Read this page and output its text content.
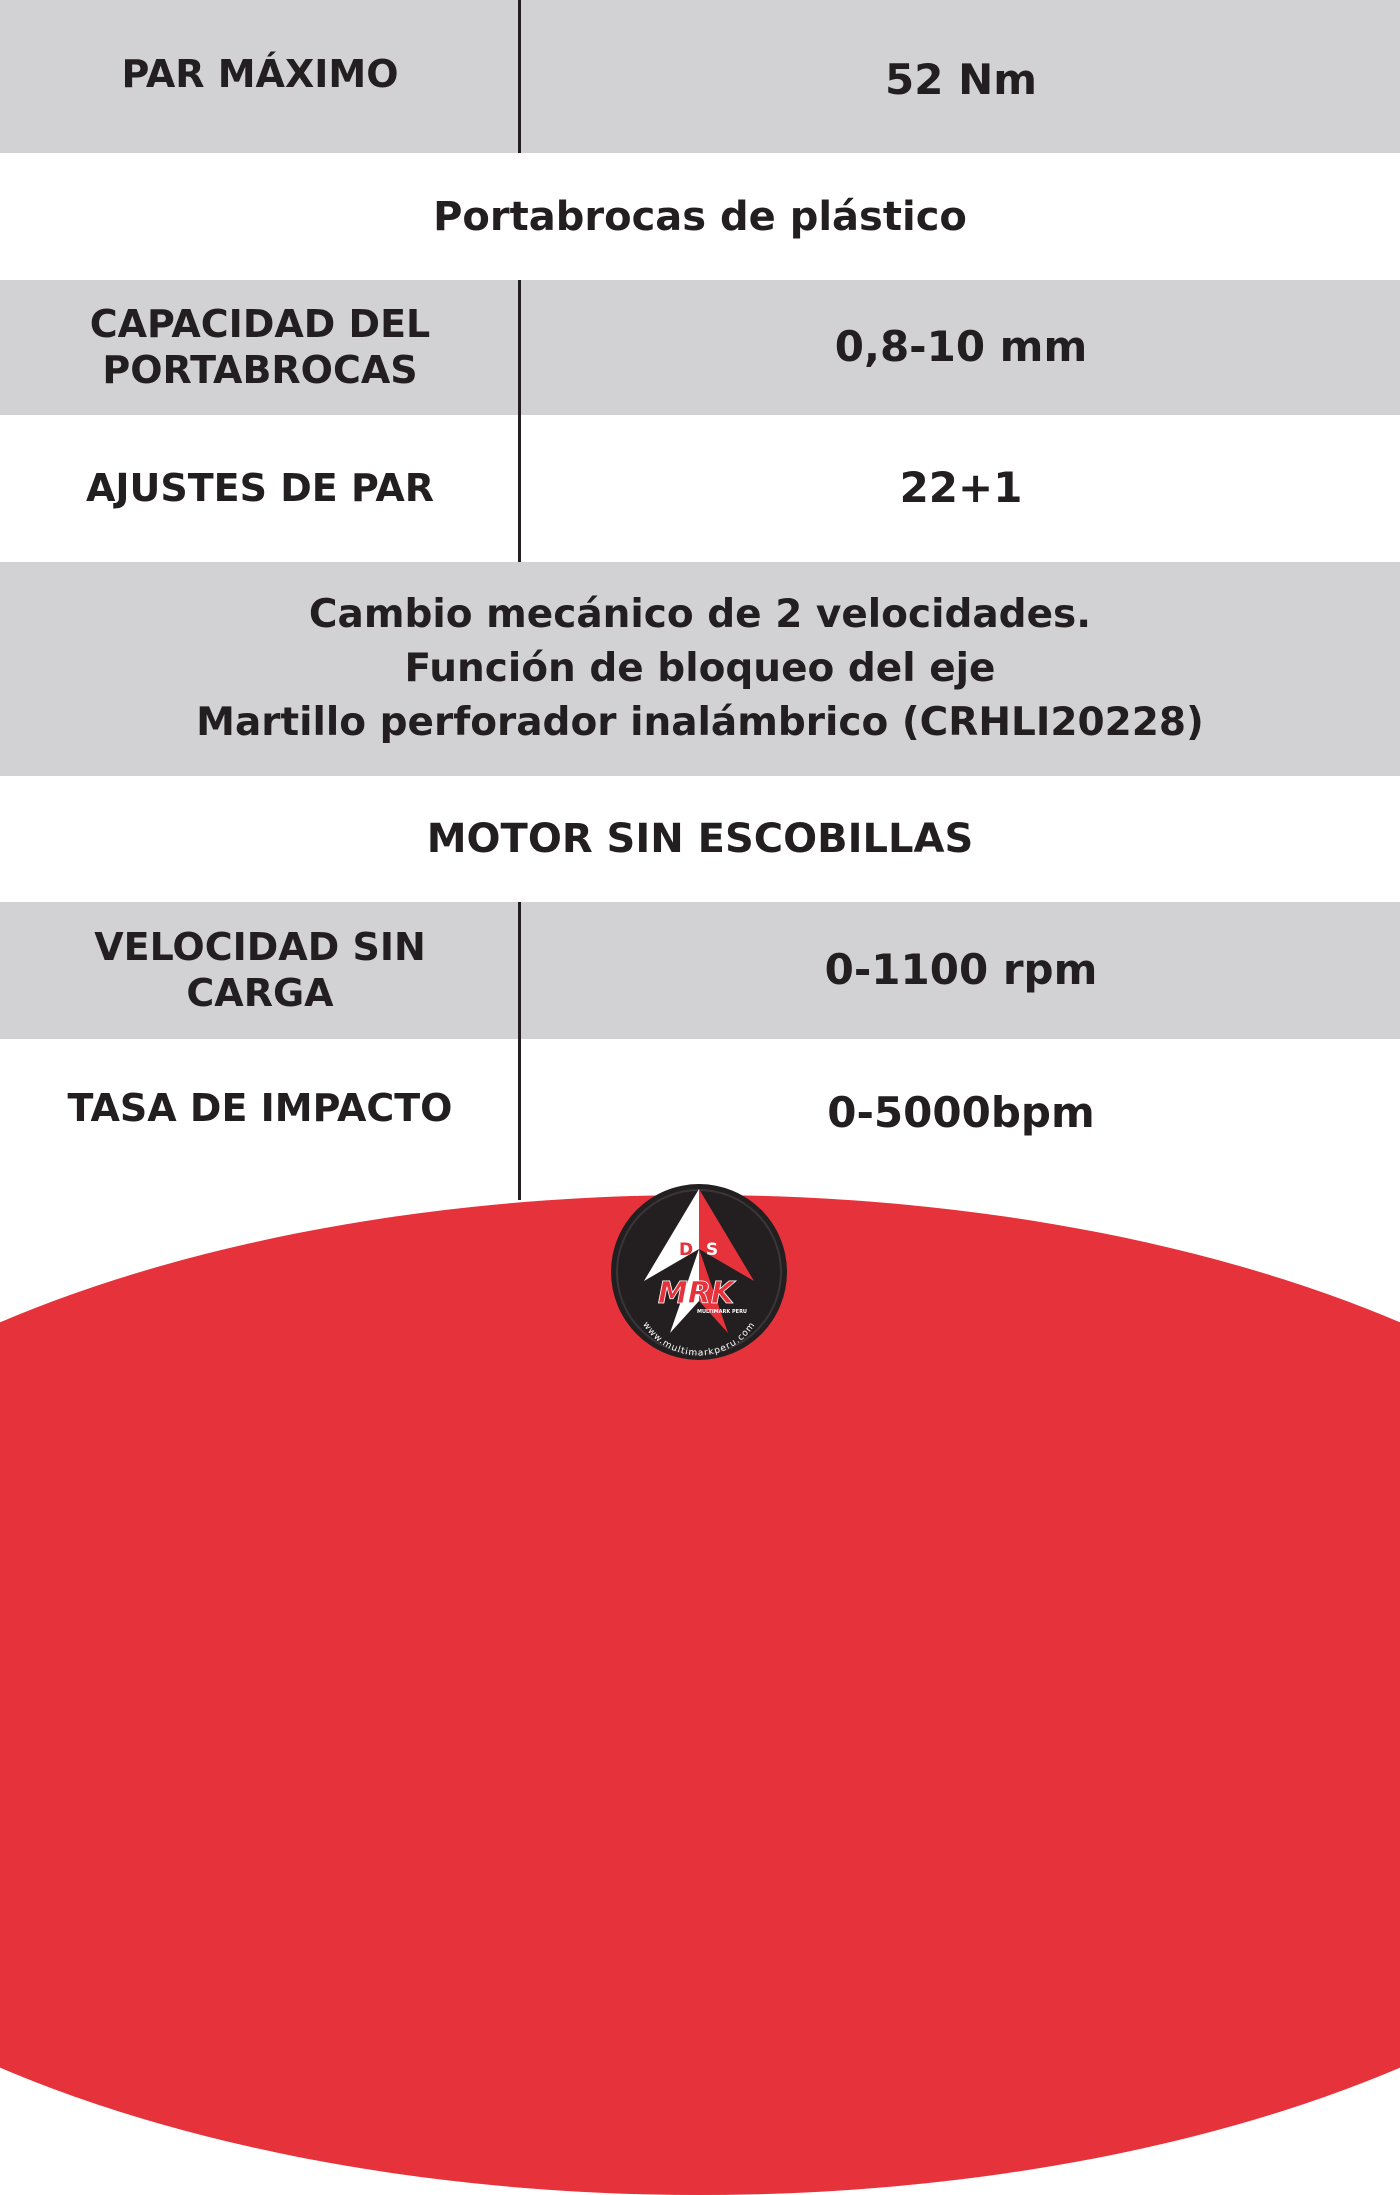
PAR MÁXIMO	52 Nm
Portabrocas de plástico
CAPACIDAD DEL
PORTABROCAS	0,8-10 mm
AJUSTES DE PAR	22+1
Cambio mecánico de 2 velocidades.
Función de bloqueo del eje
Martillo perforador inalámbrico (CRHLI20228)
MOTOR SIN ESCOBILLAS
VELOCIDAD SIN
CARGA	0-1100 rpm
TASA DE IMPACTO	0-5000bpm
D S
MRK
MULTIMARK PERU
www.multimarkperu.com
